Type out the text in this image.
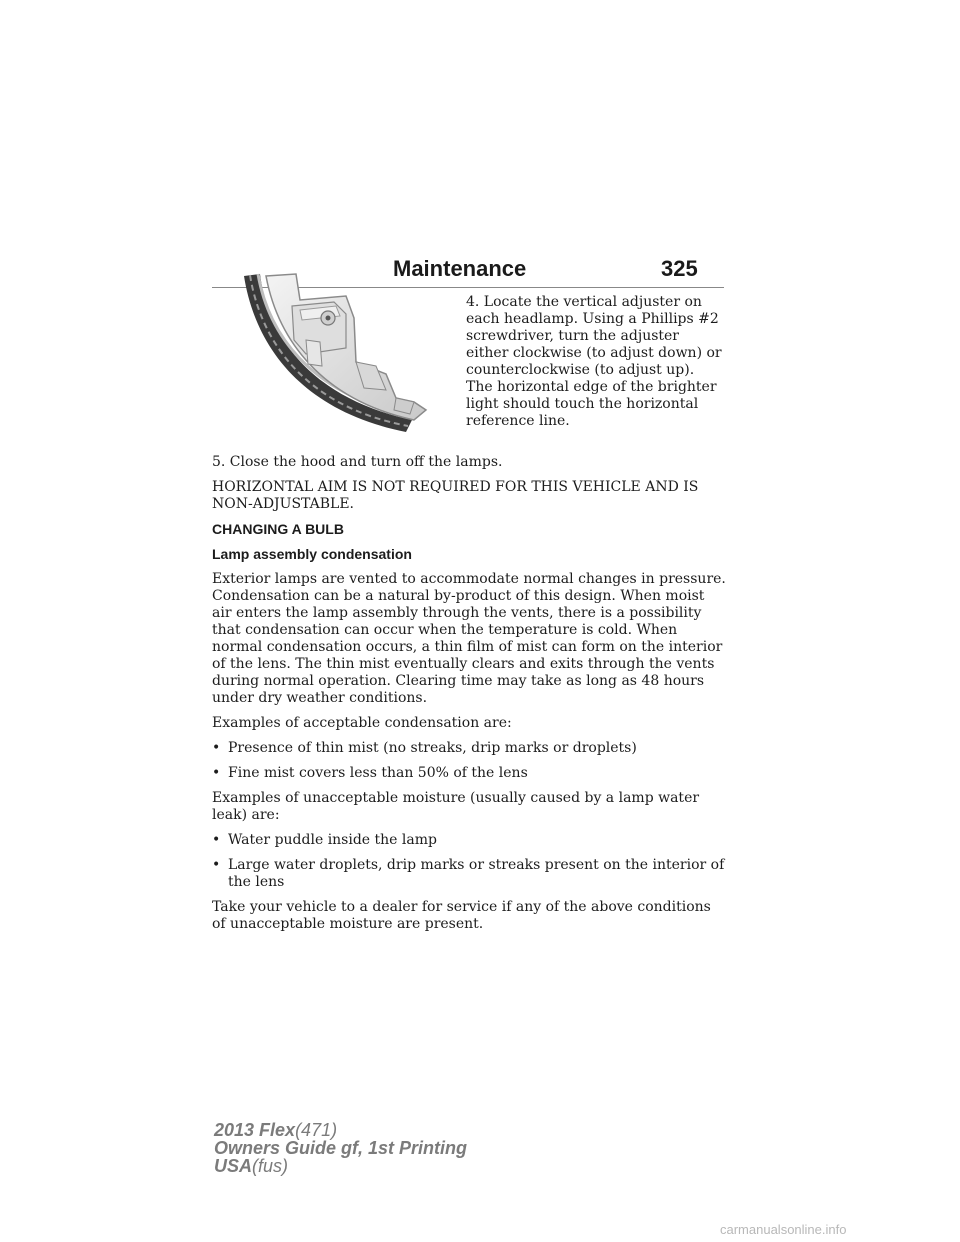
Maintenance	325

4. Locate the vertical adjuster on each headlamp. Using a Phillips #2 screwdriver, turn the adjuster either clockwise (to adjust down) or counterclockwise (to adjust up). The horizontal edge of the brighter light should touch the horizontal reference line.

5. Close the hood and turn off the lamps.

HORIZONTAL AIM IS NOT REQUIRED FOR THIS VEHICLE AND IS NON-ADJUSTABLE.

CHANGING A BULB

Lamp assembly condensation

Exterior lamps are vented to accommodate normal changes in pressure. Condensation can be a natural by-product of this design. When moist air enters the lamp assembly through the vents, there is a possibility that condensation can occur when the temperature is cold. When normal condensation occurs, a thin film of mist can form on the interior of the lens. The thin mist eventually clears and exits through the vents during normal operation. Clearing time may take as long as 48 hours under dry weather conditions.

Examples of acceptable condensation are:

• Presence of thin mist (no streaks, drip marks or droplets)
• Fine mist covers less than 50% of the lens

Examples of unacceptable moisture (usually caused by a lamp water leak) are:

• Water puddle inside the lamp
• Large water droplets, drip marks or streaks present on the interior of the lens

Take your vehicle to a dealer for service if any of the above conditions of unacceptable moisture are present.

2013 Flex(471)
Owners Guide gf, 1st Printing
USA(fus)
carmanualsonline.info
